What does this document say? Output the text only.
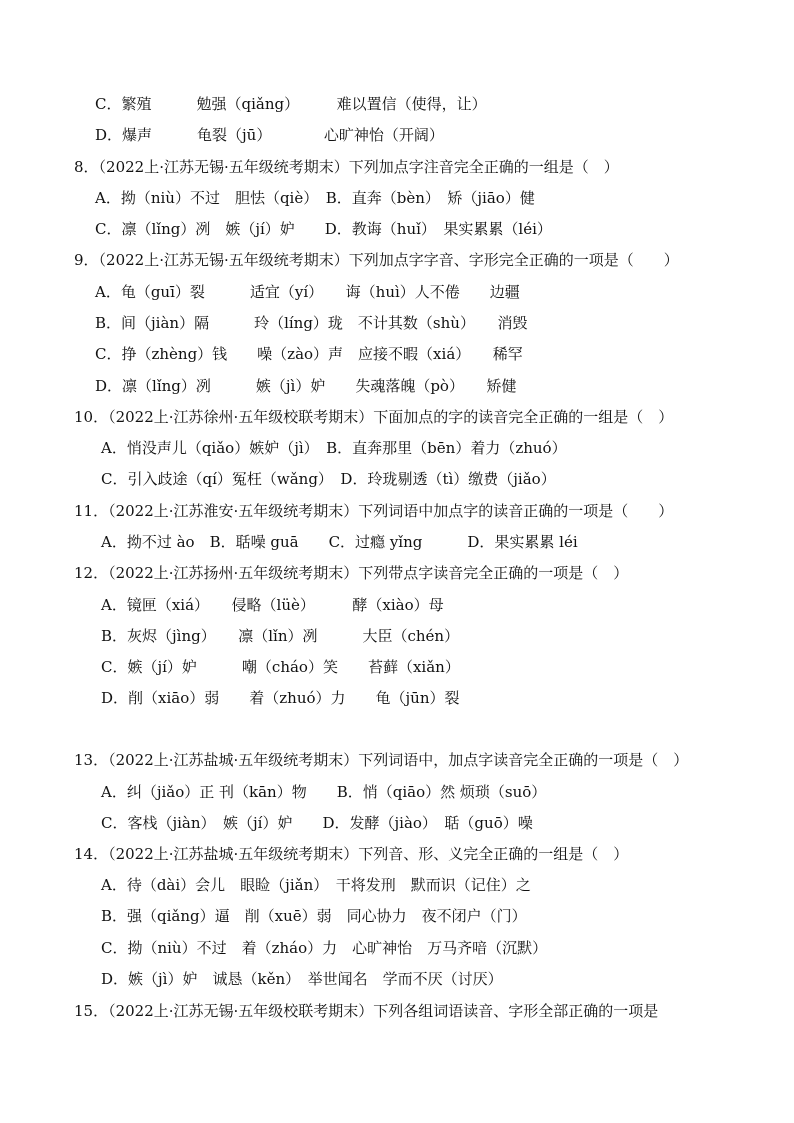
C．繁殖　　　勉强（qiǎng）　　　难以置信（使得，让）
D．爆声　　　龟裂（jū）　　　　心旷神怡（开阔）
8．（2022上·江苏无锡·五年级统考期末）下列加点字注音完全正确的一组是（　）
A．拗（niù）不过　胆怯（qiè）　B．直奔（bèn）　矫（jiāo）健
C．凛（lǐng）冽　嫉（jí）妒　　D．教诲（huǐ）　果实累累（léi）
9．（2022上·江苏无锡·五年级统考期末）下列加点字字音、字形完全正确的一项是（　　）
A．龟（guī）裂　　　适宜（yí）　　诲（huì）人不倦　　边疆
B．间（jiàn）隔　　　玲（líng）珑　不计其数（shù）　　消毁
C．挣（zhèng）钱　　噪（zào）声　应接不暇（xiá）　　稀罕
D．凛（lǐng）冽　　　嫉（jì）妒　　失魂落魄（pò）　　矫健
10．（2022上·江苏徐州·五年级校联考期末）下面加点的字的读音完全正确的一组是（　）
A．悄没声儿（qiǎo）嫉妒（jì）　B．直奔那里（bēn）着力（zhuó）
C．引入歧途（qí）冤枉（wǎng）　D．玲珑剔透（tì）缴费（jiǎo）
11．（2022上·江苏淮安·五年级统考期末）下列词语中加点字的读音正确的一项是（　　）
A．拗不过 ào　B．聒噪 guā　　C．过瘾 yǐng　　　D．果实累累 léi
12．（2022上·江苏扬州·五年级统考期末）下列带点字读音完全正确的一项是（　）
A．镜匣（xiá）　　侵略（lüè）　　　酵（xiào）母
B．灰烬（jìng）　　凛（lǐn）冽　　　大臣（chén）
C．嫉（jí）妒　　　嘲（cháo）笑　　苔藓（xiǎn）
D．削（xiāo）弱　　着（zhuó）力　　龟（jūn）裂
13．（2022上·江苏盐城·五年级统考期末）下列词语中，加点字读音完全正确的一项是（　）
A．纠（jiǎo）正 刊（kān）物　　B．悄（qiāo）然 烦琐（suō）
C．客栈（jiàn）　嫉（jí）妒　　D．发酵（jiào）　聒（guō）噪
14．（2022上·江苏盐城·五年级统考期末）下列音、形、义完全正确的一组是（　）
A．待（dài）会儿　眼睑（jiǎn）　干将发刑　默而识（记住）之
B．强（qiǎng）逼　削（xuē）弱　同心协力　夜不闭户（门）
C．拗（niù）不过　着（zháo）力　心旷神怡　万马齐喑（沉默）
D．嫉（jì）妒　诚恳（kěn）　举世闻名　学而不厌（讨厌）
15．（2022上·江苏无锡·五年级校联考期末）下列各组词语读音、字形全部正确的一项是
